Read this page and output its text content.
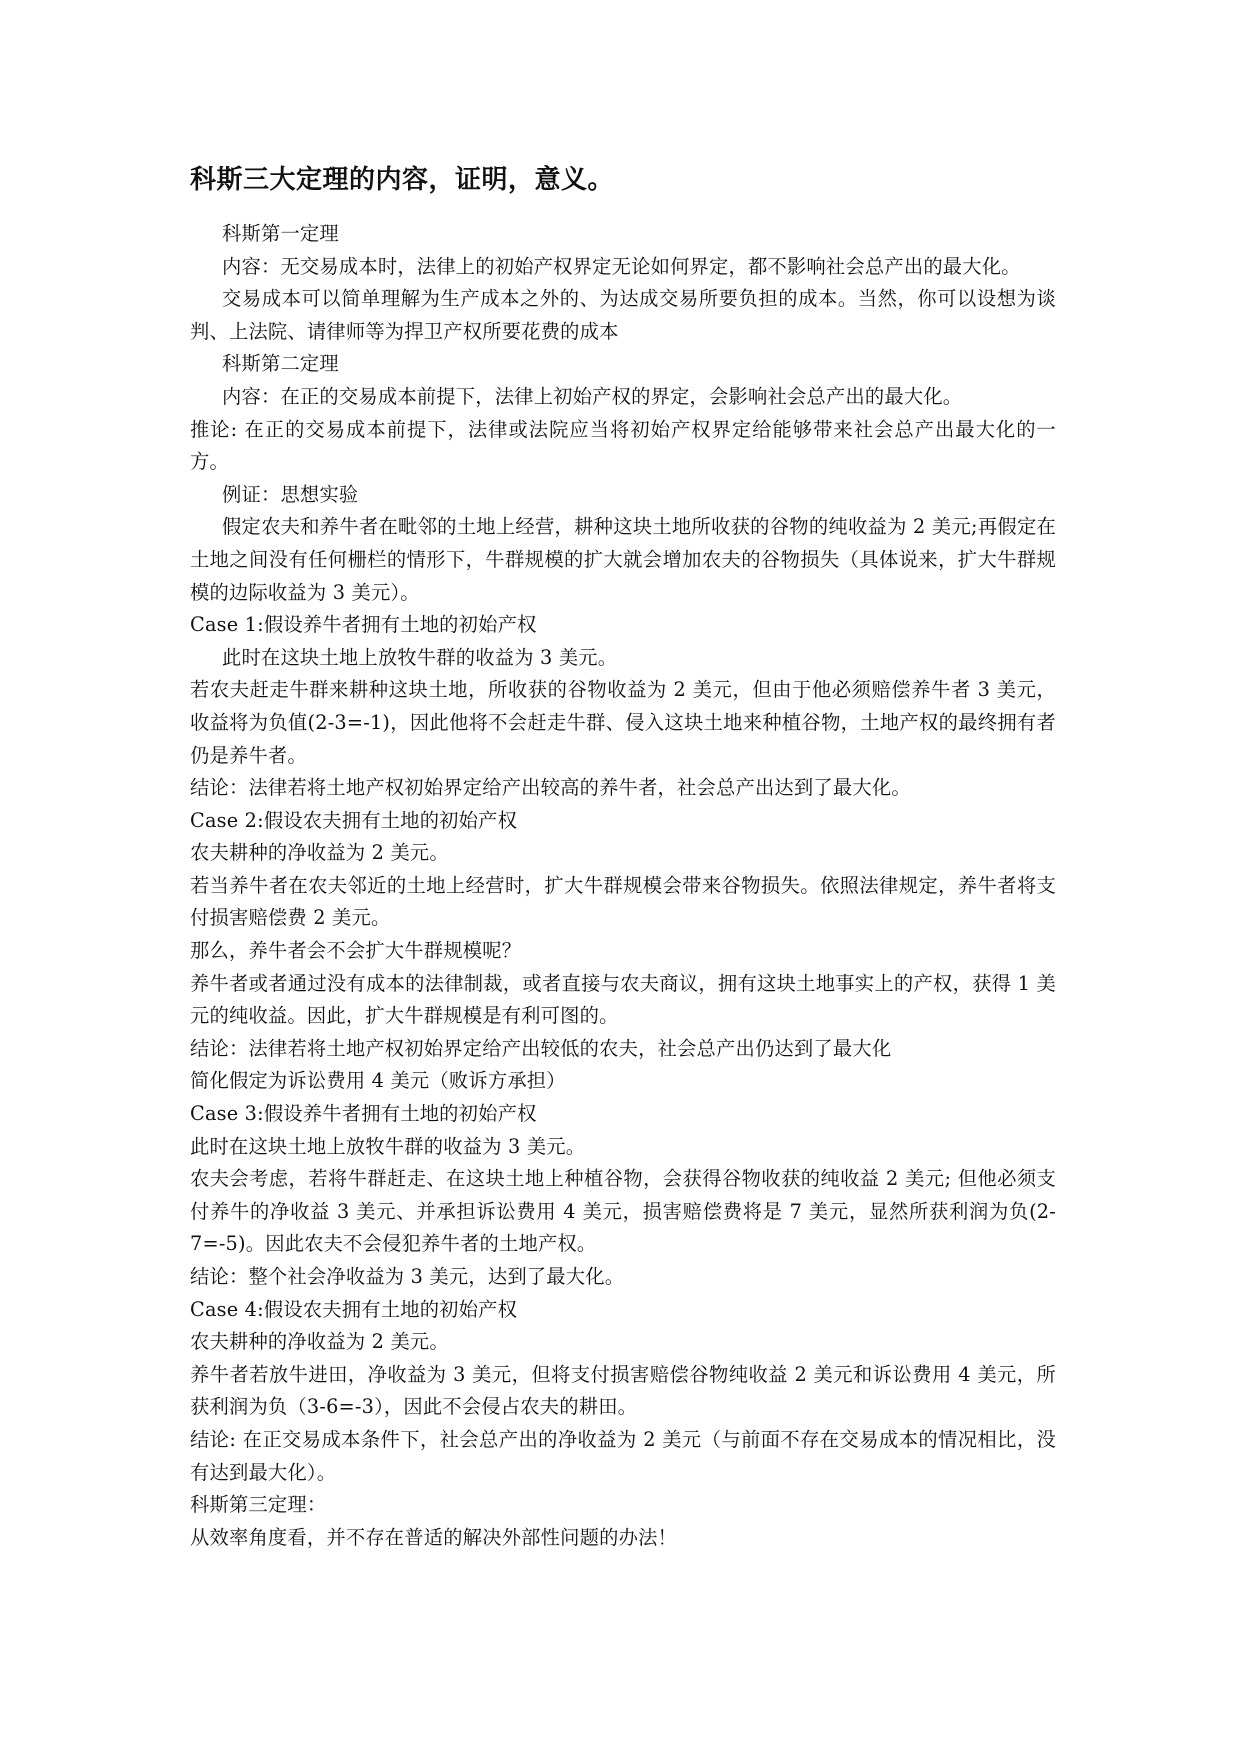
科斯三大定理的内容，证明，意义。

科斯第一定理

内容：无交易成本时，法律上的初始产权界定无论如何界定，都不影响社会总产出的最大化。

交易成本可以简单理解为生产成本之外的、为达成交易所要负担的成本。当然，你可以设想为谈判、上法院、请律师等为捍卫产权所要花费的成本

科斯第二定理

内容：在正的交易成本前提下，法律上初始产权的界定，会影响社会总产出的最大化。

推论: 在正的交易成本前提下，法律或法院应当将初始产权界定给能够带来社会总产出最大化的一方。

例证：思想实验

假定农夫和养牛者在毗邻的土地上经营，耕种这块土地所收获的谷物的纯收益为 2 美元;再假定在土地之间没有任何栅栏的情形下，牛群规模的扩大就会增加农夫的谷物损失（具体说来，扩大牛群规模的边际收益为 3 美元）。

Case 1:假设养牛者拥有土地的初始产权

此时在这块土地上放牧牛群的收益为 3 美元。

若农夫赶走牛群来耕种这块土地，所收获的谷物收益为 2 美元，但由于他必须赔偿养牛者 3 美元，收益将为负值(2-3=-1)，因此他将不会赶走牛群、侵入这块土地来种植谷物，土地产权的最终拥有者仍是养牛者。

结论：法律若将土地产权初始界定给产出较高的养牛者，社会总产出达到了最大化。

Case 2:假设农夫拥有土地的初始产权

农夫耕种的净收益为 2 美元。

若当养牛者在农夫邻近的土地上经营时，扩大牛群规模会带来谷物损失。依照法律规定，养牛者将支付损害赔偿费 2 美元。

那么，养牛者会不会扩大牛群规模呢？

养牛者或者通过没有成本的法律制裁，或者直接与农夫商议，拥有这块土地事实上的产权，获得 1 美元的纯收益。因此，扩大牛群规模是有利可图的。

结论：法律若将土地产权初始界定给产出较低的农夫，社会总产出仍达到了最大化

简化假定为诉讼费用 4 美元（败诉方承担）

Case 3:假设养牛者拥有土地的初始产权

此时在这块土地上放牧牛群的收益为 3 美元。

农夫会考虑，若将牛群赶走、在这块土地上种植谷物，会获得谷物收获的纯收益 2 美元; 但他必须支付养牛的净收益 3 美元、并承担诉讼费用 4 美元，损害赔偿费将是 7 美元，显然所获利润为负(2-7=-5)。因此农夫不会侵犯养牛者的土地产权。

结论：整个社会净收益为 3 美元，达到了最大化。

Case 4:假设农夫拥有土地的初始产权

农夫耕种的净收益为 2 美元。

养牛者若放牛进田，净收益为 3 美元，但将支付损害赔偿谷物纯收益 2 美元和诉讼费用 4 美元，所获利润为负（3-6=-3），因此不会侵占农夫的耕田。

结论: 在正交易成本条件下，社会总产出的净收益为 2 美元（与前面不存在交易成本的情况相比，没有达到最大化）。

科斯第三定理：

从效率角度看，并不存在普适的解决外部性问题的办法！
